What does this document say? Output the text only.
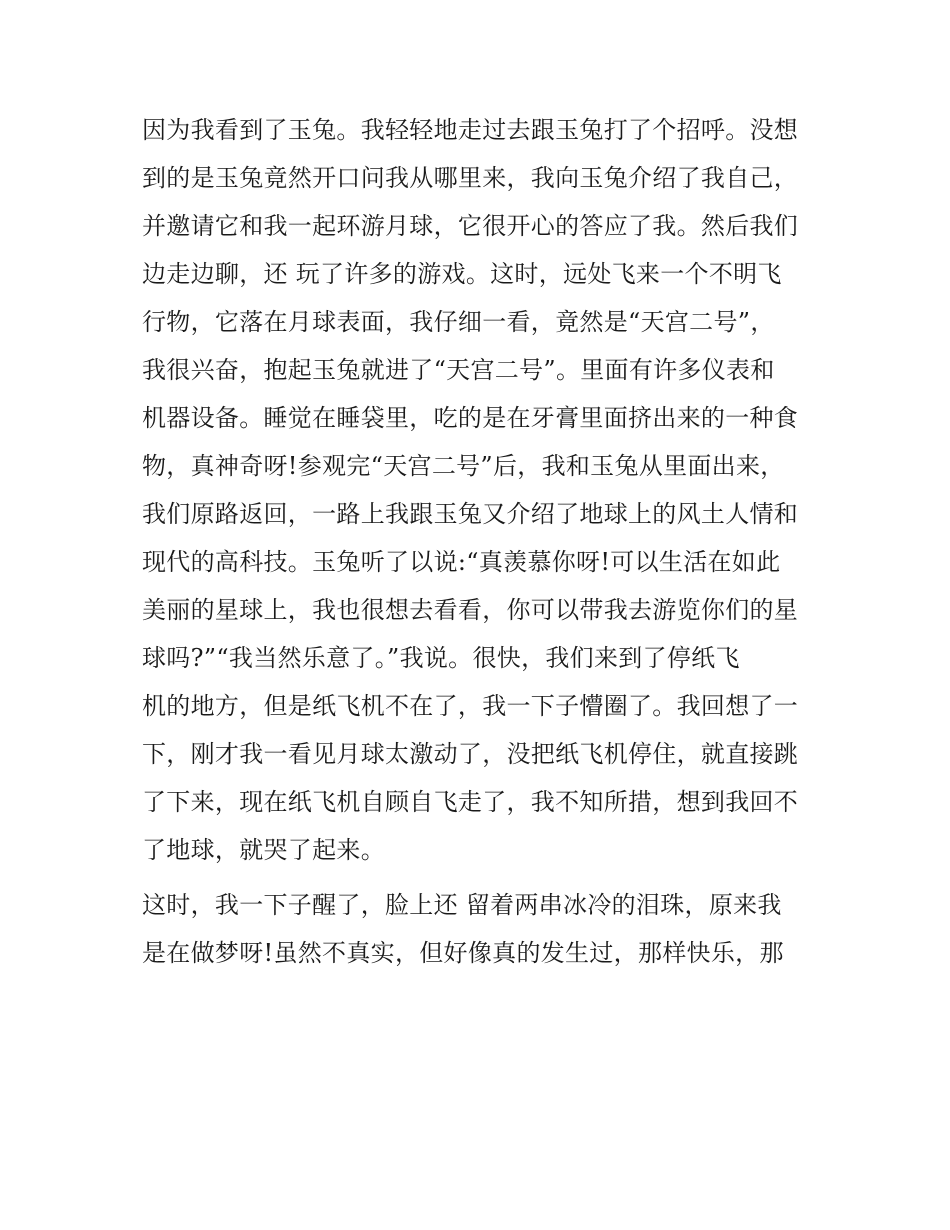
因为我看到了玉兔。我轻轻地走过去跟玉兔打了个招呼。没想
到的是玉兔竟然开口问我从哪里来，我向玉兔介绍了我自己，
并邀请它和我一起环游月球，它很开心的答应了我。然后我们
边走边聊，还 玩了许多的游戏。这时，远处飞来一个不明飞
行物，它落在月球表面，我仔细一看，竟然是“天宫二号”，
我很兴奋，抱起玉兔就进了“天宫二号”。里面有许多仪表和
机器设备。睡觉在睡袋里，吃的是在牙膏里面挤出来的一种食
物，真神奇呀!参观完“天宫二号”后，我和玉兔从里面出来，
我们原路返回，一路上我跟玉兔又介绍了地球上的风土人情和
现代的高科技。玉兔听了以说:“真羡慕你呀!可以生活在如此
美丽的星球上，我也很想去看看，你可以带我去游览你们的星
球吗?”“我当然乐意了。”我说。很快，我们来到了停纸飞
机的地方，但是纸飞机不在了，我一下子懵圈了。我回想了一
下，刚才我一看见月球太激动了，没把纸飞机停住，就直接跳
了下来，现在纸飞机自顾自飞走了，我不知所措，想到我回不
了地球，就哭了起来。
这时，我一下子醒了，脸上还 留着两串冰冷的泪珠，原来我
是在做梦呀!虽然不真实，但好像真的发生过，那样快乐，那
